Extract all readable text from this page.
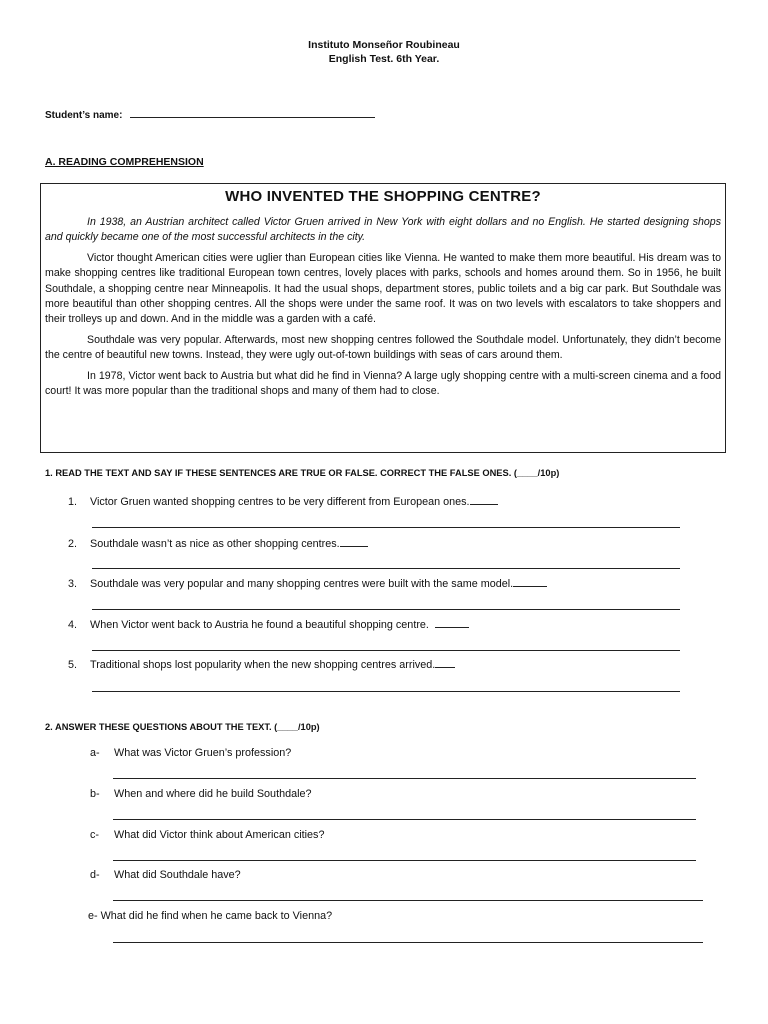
Instituto Monseñor Roubineau
English Test. 6th Year.
Student’s name:
A. READING COMPREHENSION
WHO INVENTED THE SHOPPING CENTRE?

In 1938, an Austrian architect called Victor Gruen arrived in New York with eight dollars and no English. He started designing shops and quickly became one of the most successful architects in the city.

Victor thought American cities were uglier than European cities like Vienna. He wanted to make them more beautiful. His dream was to make shopping centres like traditional European town centres, lovely places with parks, schools and homes around them. So in 1956, he built Southdale, a shopping centre near Minneapolis. It had the usual shops, department stores, public toilets and a big car park. But Southdale was more beautiful than other shopping centres. All the shops were under the same roof. It was on two levels with escalators to take shoppers and their trolleys up and down. And in the middle was a garden with a café.

Southdale was very popular. Afterwards, most new shopping centres followed the Southdale model. Unfortunately, they didn’t become the centre of beautiful new towns. Instead, they were ugly out-of-town buildings with seas of cars around them.

In 1978, Victor went back to Austria but what did he find in Vienna? A large ugly shopping centre with a multi-screen cinema and a food court! It was more popular than the traditional shops and many of them had to close.

1. READ THE TEXT AND SAY IF THESE SENTENCES ARE TRUE OR FALSE. CORRECT THE FALSE ONES. (____/10p)
1. Victor Gruen wanted shopping centres to be very different from European ones.
2. Southdale wasn’t as nice as other shopping centres.
3. Southdale was very popular and many shopping centres were built with the same model.
4. When Victor went back to Austria he found a beautiful shopping centre.
5. Traditional shops lost popularity when the new shopping centres arrived.
2. ANSWER THESE QUESTIONS ABOUT THE TEXT. (____/10p)
a- What was Victor Gruen’s profession?
b- When and where did he build Southdale?
c- What did Victor think about American cities?
d- What did Southdale have?
e- What did he find when he came back to Vienna?
